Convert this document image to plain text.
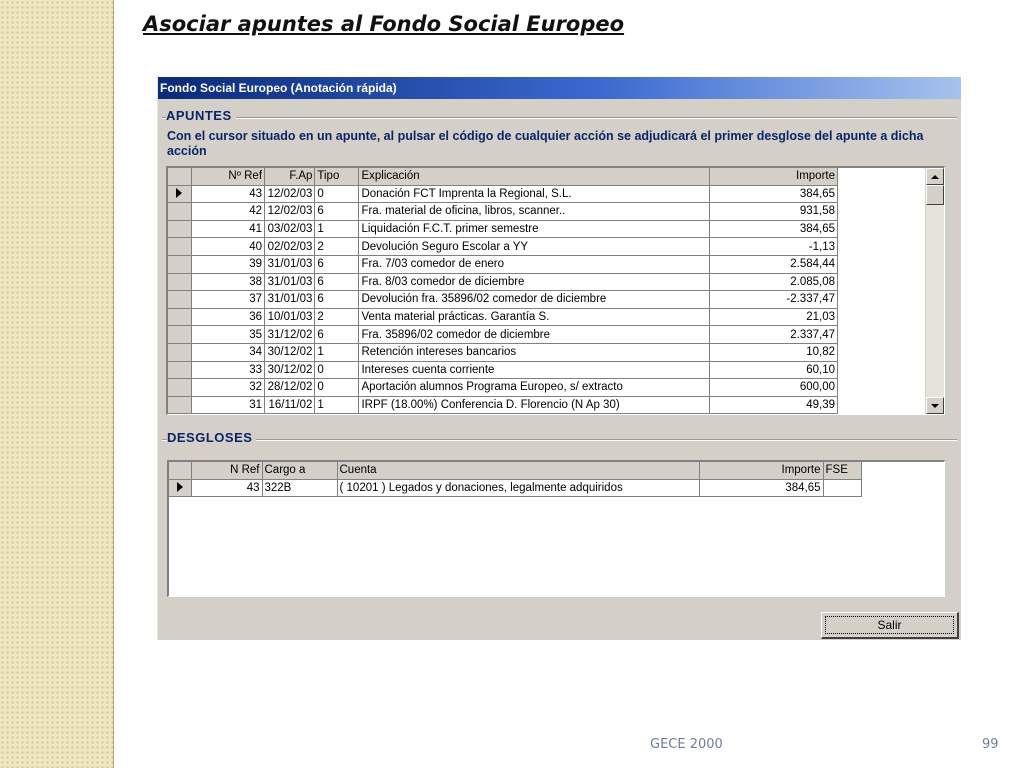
Asociar apuntes al Fondo Social Europeo
Fondo Social Europeo (Anotación rápida)
APUNTES
Con el cursor situado en un apunte, al pulsar el código de cualquier acción se adjudicará el primer desglose del apunte a dicha acción
	Nº Ref	F.Ap	Tipo	Explicación	Importe
	43	12/02/03	0	Donación FCT Imprenta la Regional, S.L.	384,65
	42	12/02/03	6	Fra. material de oficina, libros, scanner..	931,58
	41	03/02/03	1	Liquidación F.C.T. primer semestre	384,65
	40	02/02/03	2	Devolución Seguro Escolar a YY	-1,13
	39	31/01/03	6	Fra. 7/03 comedor de enero	2.584,44
	38	31/01/03	6	Fra. 8/03 comedor de diciembre	2.085,08
	37	31/01/03	6	Devolución fra. 35896/02 comedor de diciembre	-2.337,47
	36	10/01/03	2	Venta material prácticas. Garantía S.	21,03
	35	31/12/02	6	Fra. 35896/02 comedor de diciembre	2.337,47
	34	30/12/02	1	Retención intereses bancarios	10,82
	33	30/12/02	0	Intereses cuenta corriente	60,10
	32	28/12/02	0	Aportación alumnos Programa Europeo, s/ extracto	600,00
	31	16/11/02	1	IRPF (18.00%) Conferencia D. Florencio (N Ap 30)	49,39
DESGLOSES
	N Ref	Cargo a	Cuenta	Importe	FSE
	43	322B	( 10201 ) Legados y donaciones, legalmente adquiridos	384,65	
Salir
GECE 2000	99
